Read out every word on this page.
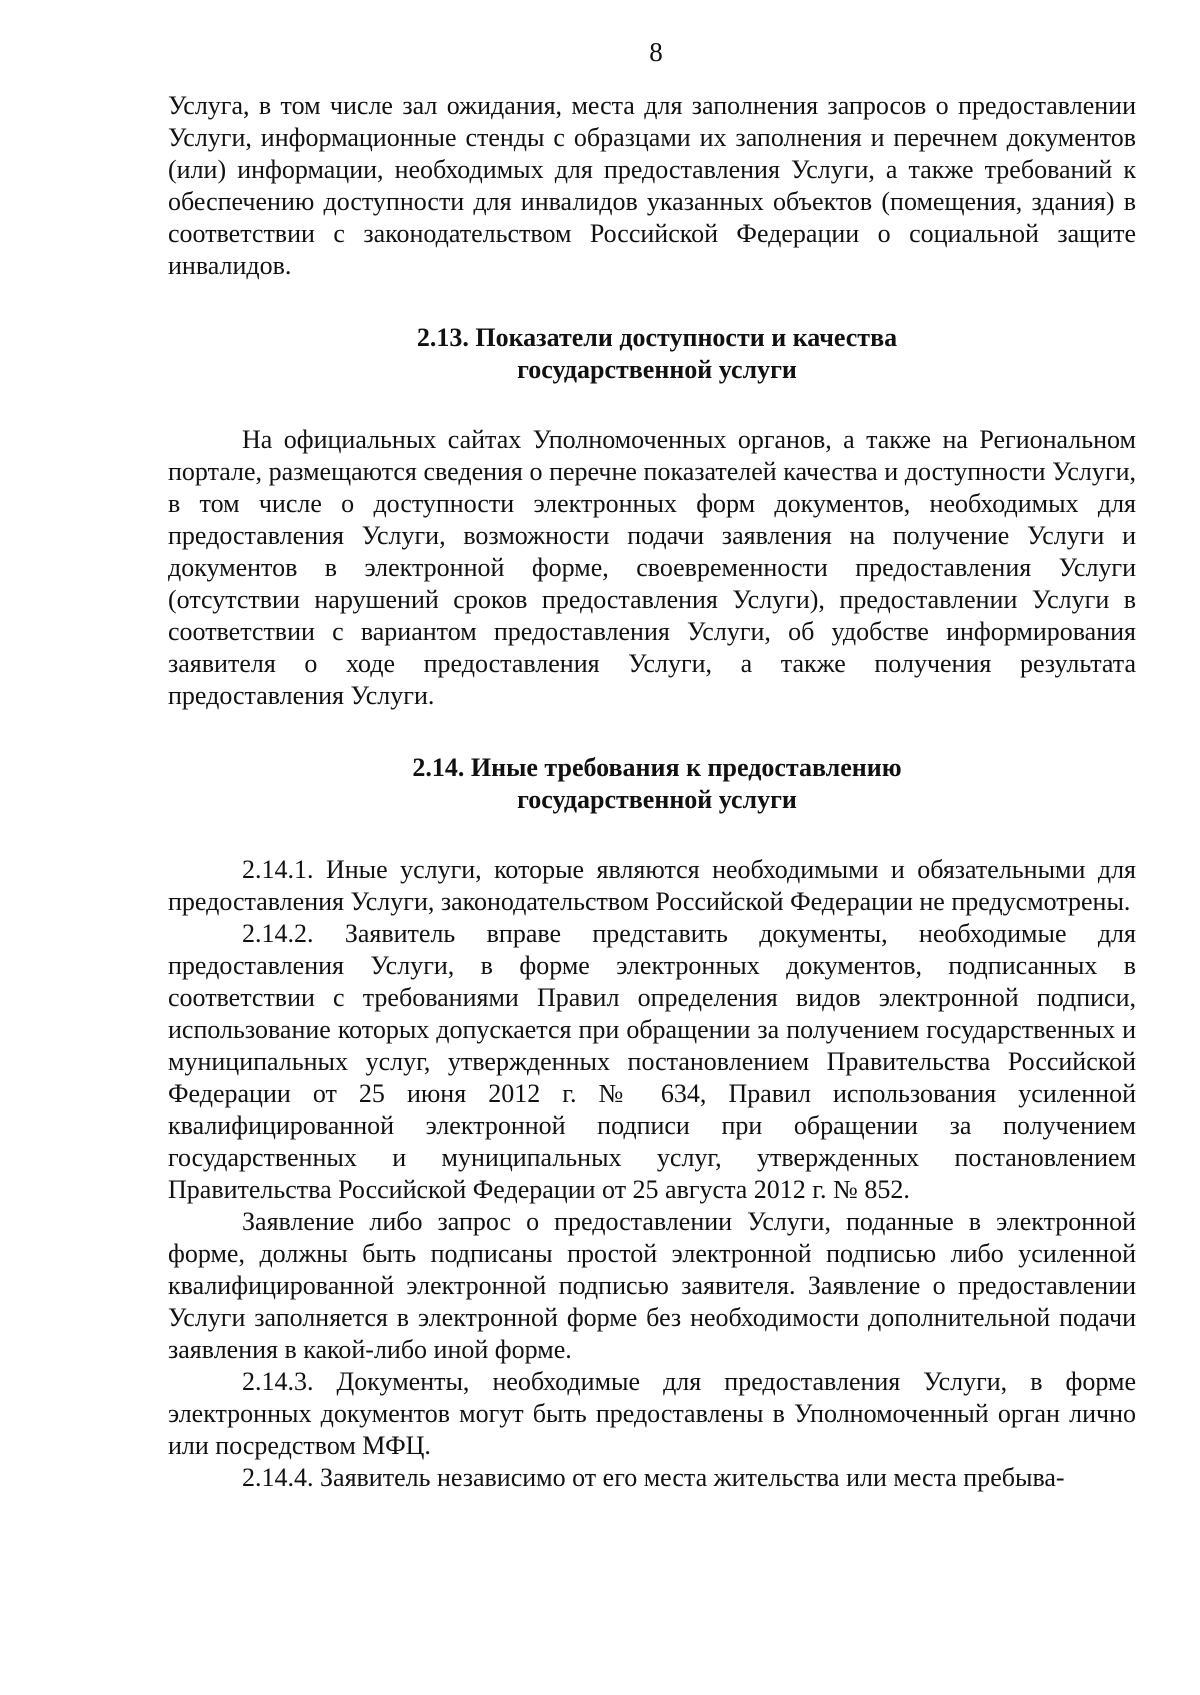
8

Услуга, в том числе зал ожидания, места для заполнения запросов о предоставлении Услуги, информационные стенды с образцами их заполнения и перечнем документов (или) информации, необходимых для предоставления Услуги, а также требований к обеспечению доступности для инвалидов указанных объектов (помещения, здания) в соответствии с законодательством Российской Федерации о социальной защите инвалидов.

2.13. Показатели доступности и качества
государственной услуги

На официальных сайтах Уполномоченных органов, а также на Региональном портале, размещаются сведения о перечне показателей качества и доступности Услуги, в том числе о доступности электронных форм документов, необходимых для предоставления Услуги, возможности подачи заявления на получение Услуги и документов в электронной форме, своевременности предоставления Услуги (отсутствии нарушений сроков предоставления Услуги), предоставлении Услуги в соответствии с вариантом предоставления Услуги, об удобстве информирования заявителя о ходе предоставления Услуги, а также получения результата предоставления Услуги.

2.14. Иные требования к предоставлению
государственной услуги

2.14.1. Иные услуги, которые являются необходимыми и обязательными для предоставления Услуги, законодательством Российской Федерации не предусмотрены.

2.14.2. Заявитель вправе представить документы, необходимые для предоставления Услуги, в форме электронных документов, подписанных в соответствии с требованиями Правил определения видов электронной подписи, использование которых допускается при обращении за получением государственных и муниципальных услуг, утвержденных постановлением Правительства Российской Федерации от 25 июня 2012 г. № 634, Правил использования усиленной квалифицированной электронной подписи при обращении за получением государственных и муниципальных услуг, утвержденных постановлением Правительства Российской Федерации от 25 августа 2012 г. № 852.

Заявление либо запрос о предоставлении Услуги, поданные в электронной форме, должны быть подписаны простой электронной подписью либо усиленной квалифицированной электронной подписью заявителя. Заявление о предоставлении Услуги заполняется в электронной форме без необходимости дополнительной подачи заявления в какой-либо иной форме.

2.14.3. Документы, необходимые для предоставления Услуги, в форме электронных документов могут быть предоставлены в Уполномоченный орган лично или посредством МФЦ.

2.14.4. Заявитель независимо от его места жительства или места пребыва-
